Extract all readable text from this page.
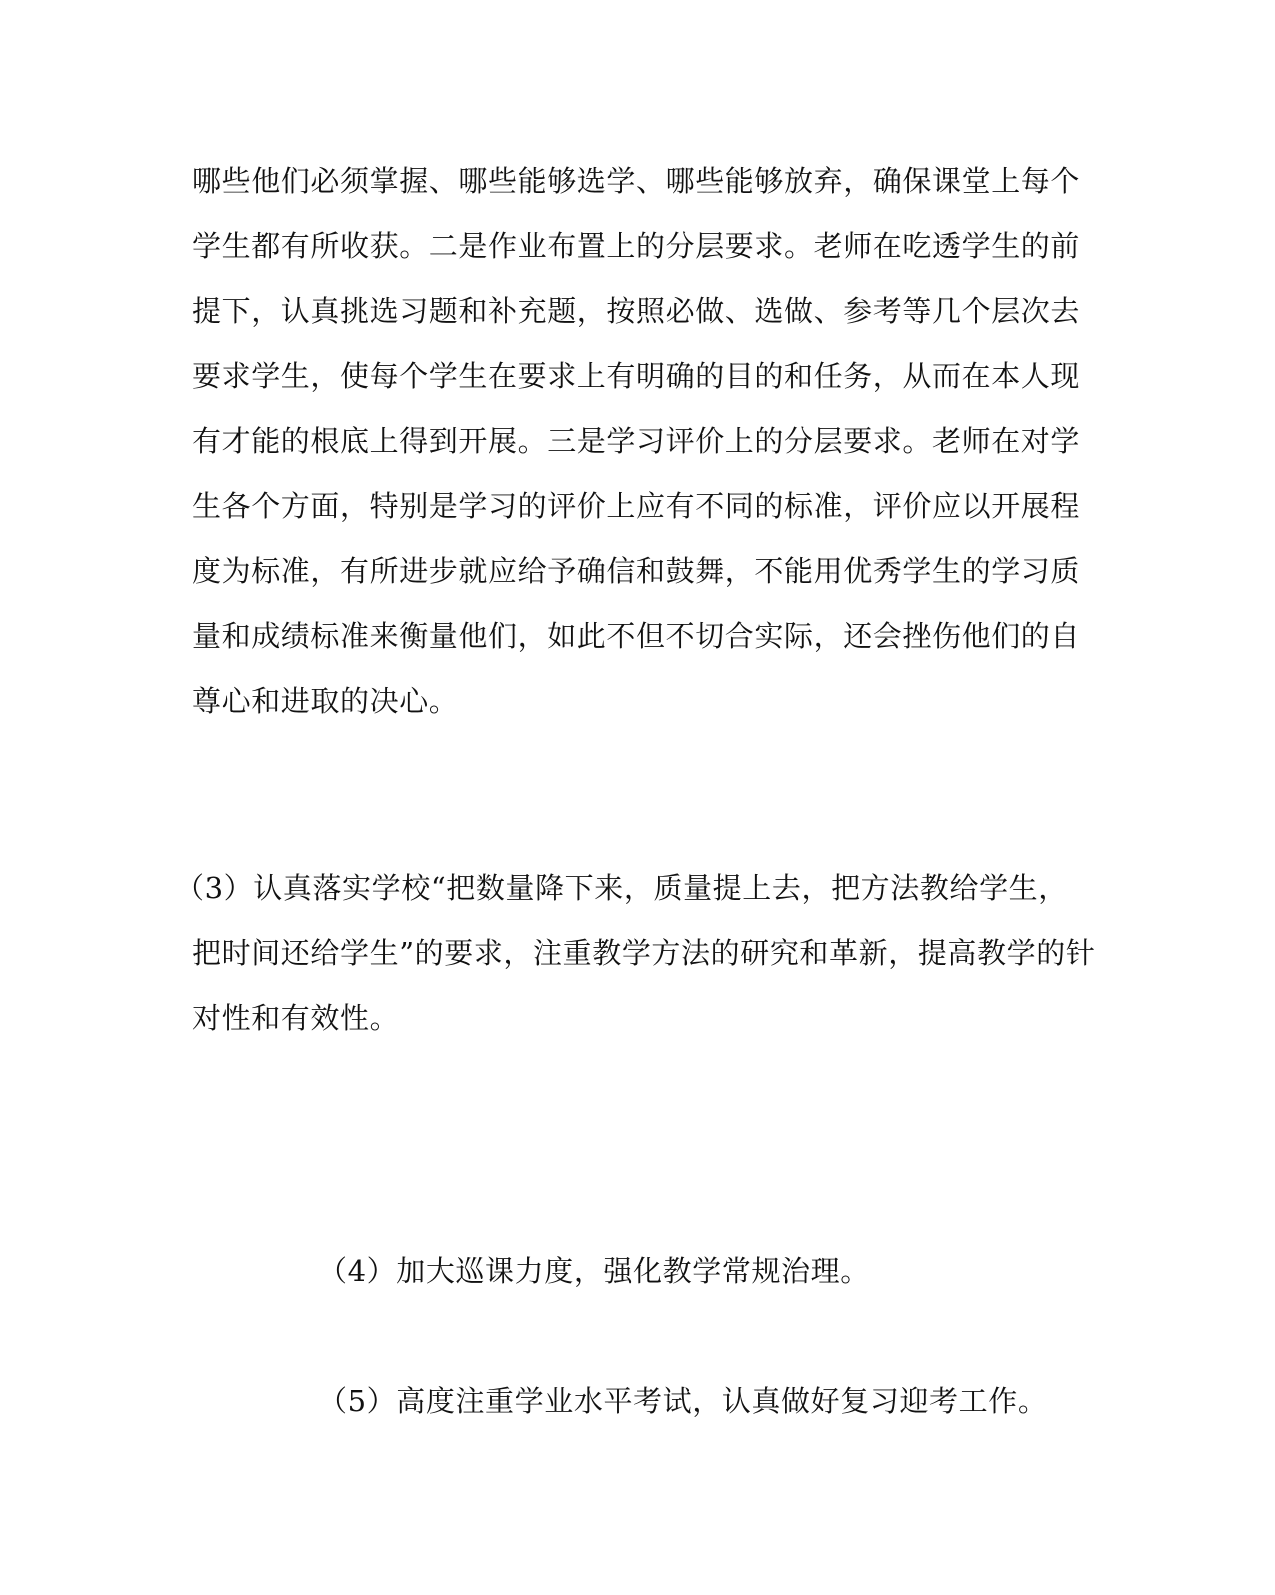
哪些他们必须掌握、哪些能够选学、哪些能够放弃，确保课堂上每个
学生都有所收获。二是作业布置上的分层要求。老师在吃透学生的前
提下，认真挑选习题和补充题，按照必做、选做、参考等几个层次去
要求学生，使每个学生在要求上有明确的目的和任务，从而在本人现
有才能的根底上得到开展。三是学习评价上的分层要求。老师在对学
生各个方面，特别是学习的评价上应有不同的标准，评价应以开展程
度为标准，有所进步就应给予确信和鼓舞，不能用优秀学生的学习质
量和成绩标准来衡量他们，如此不但不切合实际，还会挫伤他们的自
尊心和进取的决心。
（3）认真落实学校“把数量降下来，质量提上去，把方法教给学生，
把时间还给学生”的要求，注重教学方法的研究和革新，提高教学的针
对性和有效性。
（4）加大巡课力度，强化教学常规治理。
（5）高度注重学业水平考试，认真做好复习迎考工作。
